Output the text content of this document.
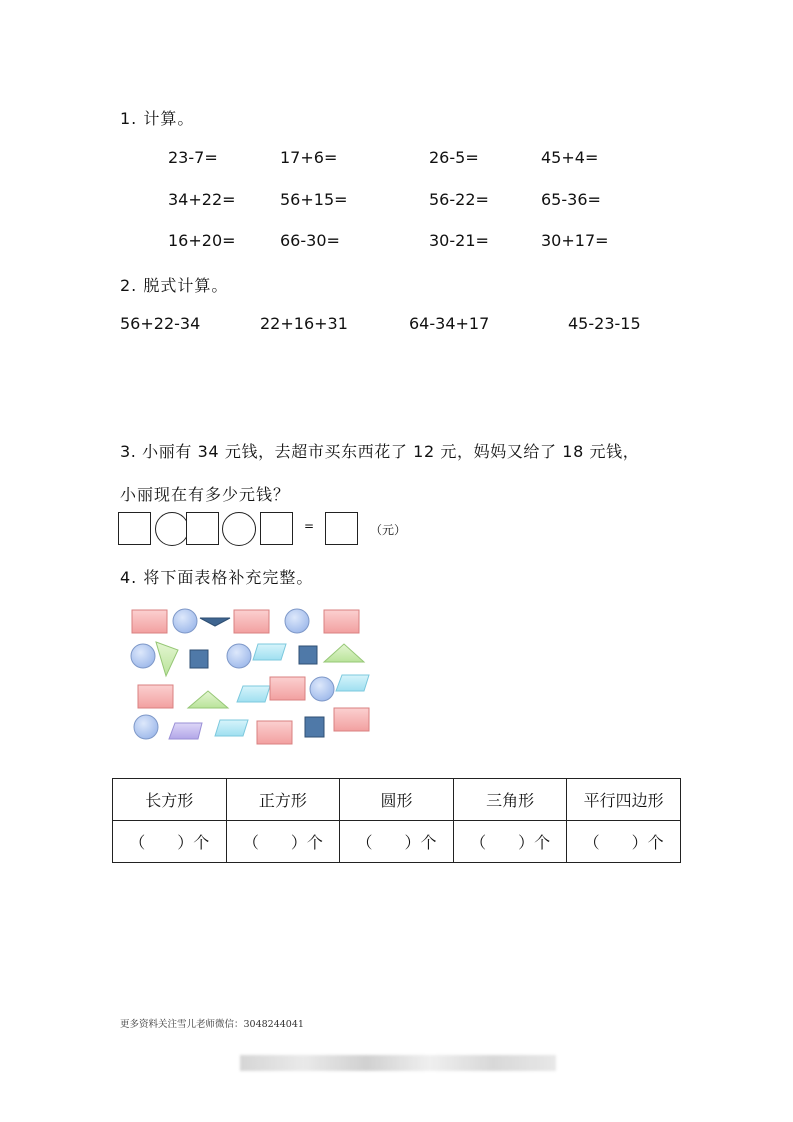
1. 计算。
23-7=	17+6=	26-5=	45+4=
34+22=	56+15=	56-22=	65-36=
16+20=	66-30=	30-21=	30+17=
2. 脱式计算。
56+22-34	22+16+31	64-34+17	45-23-15
3. 小丽有 34 元钱，去超市买东西花了 12 元，妈妈又给了 18 元钱，
小丽现在有多少元钱？
=	（元）
4. 将下面表格补充完整。
长方形	正方形	圆形	三角形	平行四边形
（　　）个	（　　）个	（　　）个	（　　）个	（　　）个
更多资料关注雪儿老师微信：3048244041
